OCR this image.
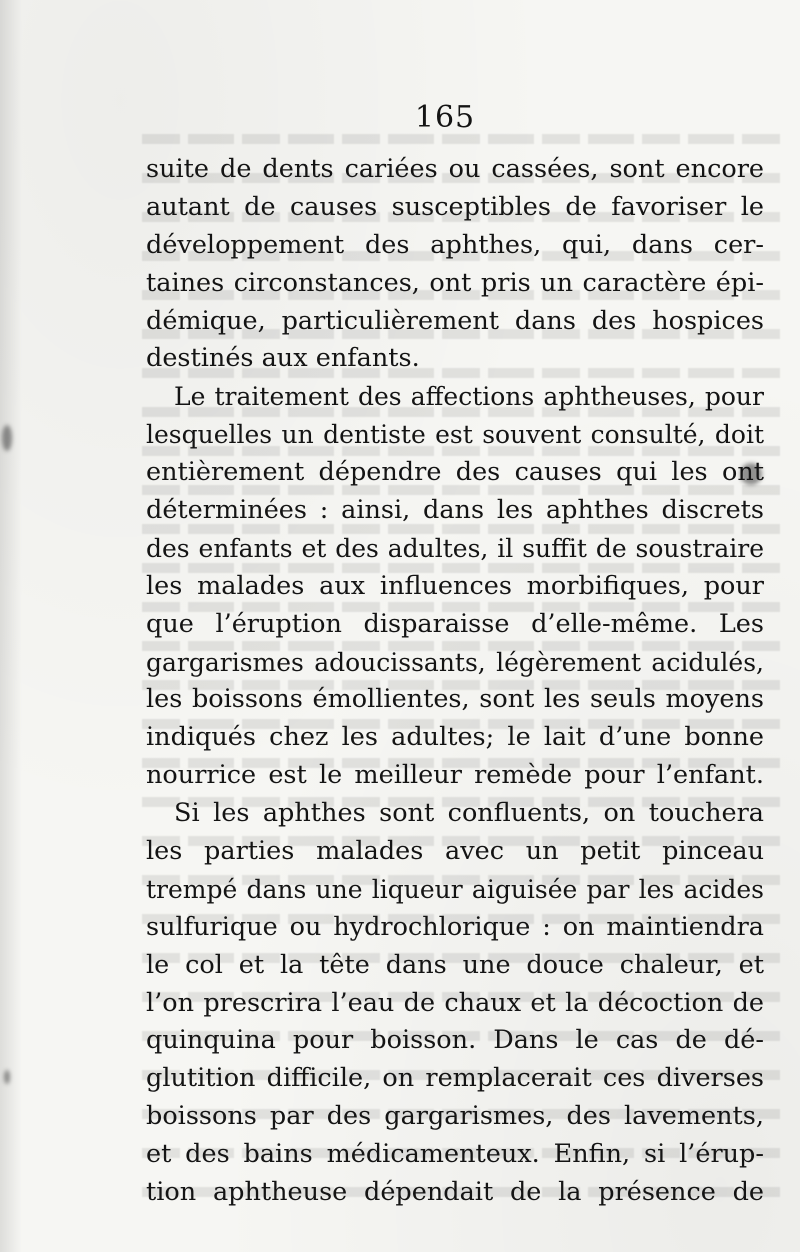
165
suite de dents cariées ou cassées, sont encore
autant de causes susceptibles de favoriser le
développement des aphthes, qui, dans cer-
taines circonstances, ont pris un caractère épi-
démique, particulièrement dans des hospices
destinés aux enfants.
Le traitement des affections aphtheuses, pour
lesquelles un dentiste est souvent consulté, doit
entièrement dépendre des causes qui les ont
déterminées : ainsi, dans les aphthes discrets
des enfants et des adultes, il suffit de soustraire
les malades aux influences morbifiques, pour
que l’éruption disparaisse d’elle-même. Les
gargarismes adoucissants, légèrement acidulés,
les boissons émollientes, sont les seuls moyens
indiqués chez les adultes; le lait d’une bonne
nourrice est le meilleur remède pour l’enfant.
Si les aphthes sont confluents, on touchera
les parties malades avec un petit pinceau
trempé dans une liqueur aiguisée par les acides
sulfurique ou hydrochlorique : on maintiendra
le col et la tête dans une douce chaleur, et
l’on prescrira l’eau de chaux et la décoction de
quinquina pour boisson. Dans le cas de dé-
glutition difficile, on remplacerait ces diverses
boissons par des gargarismes, des lavements,
et des bains médicamenteux. Enfin, si l’érup-
tion aphtheuse dépendait de la présence de
